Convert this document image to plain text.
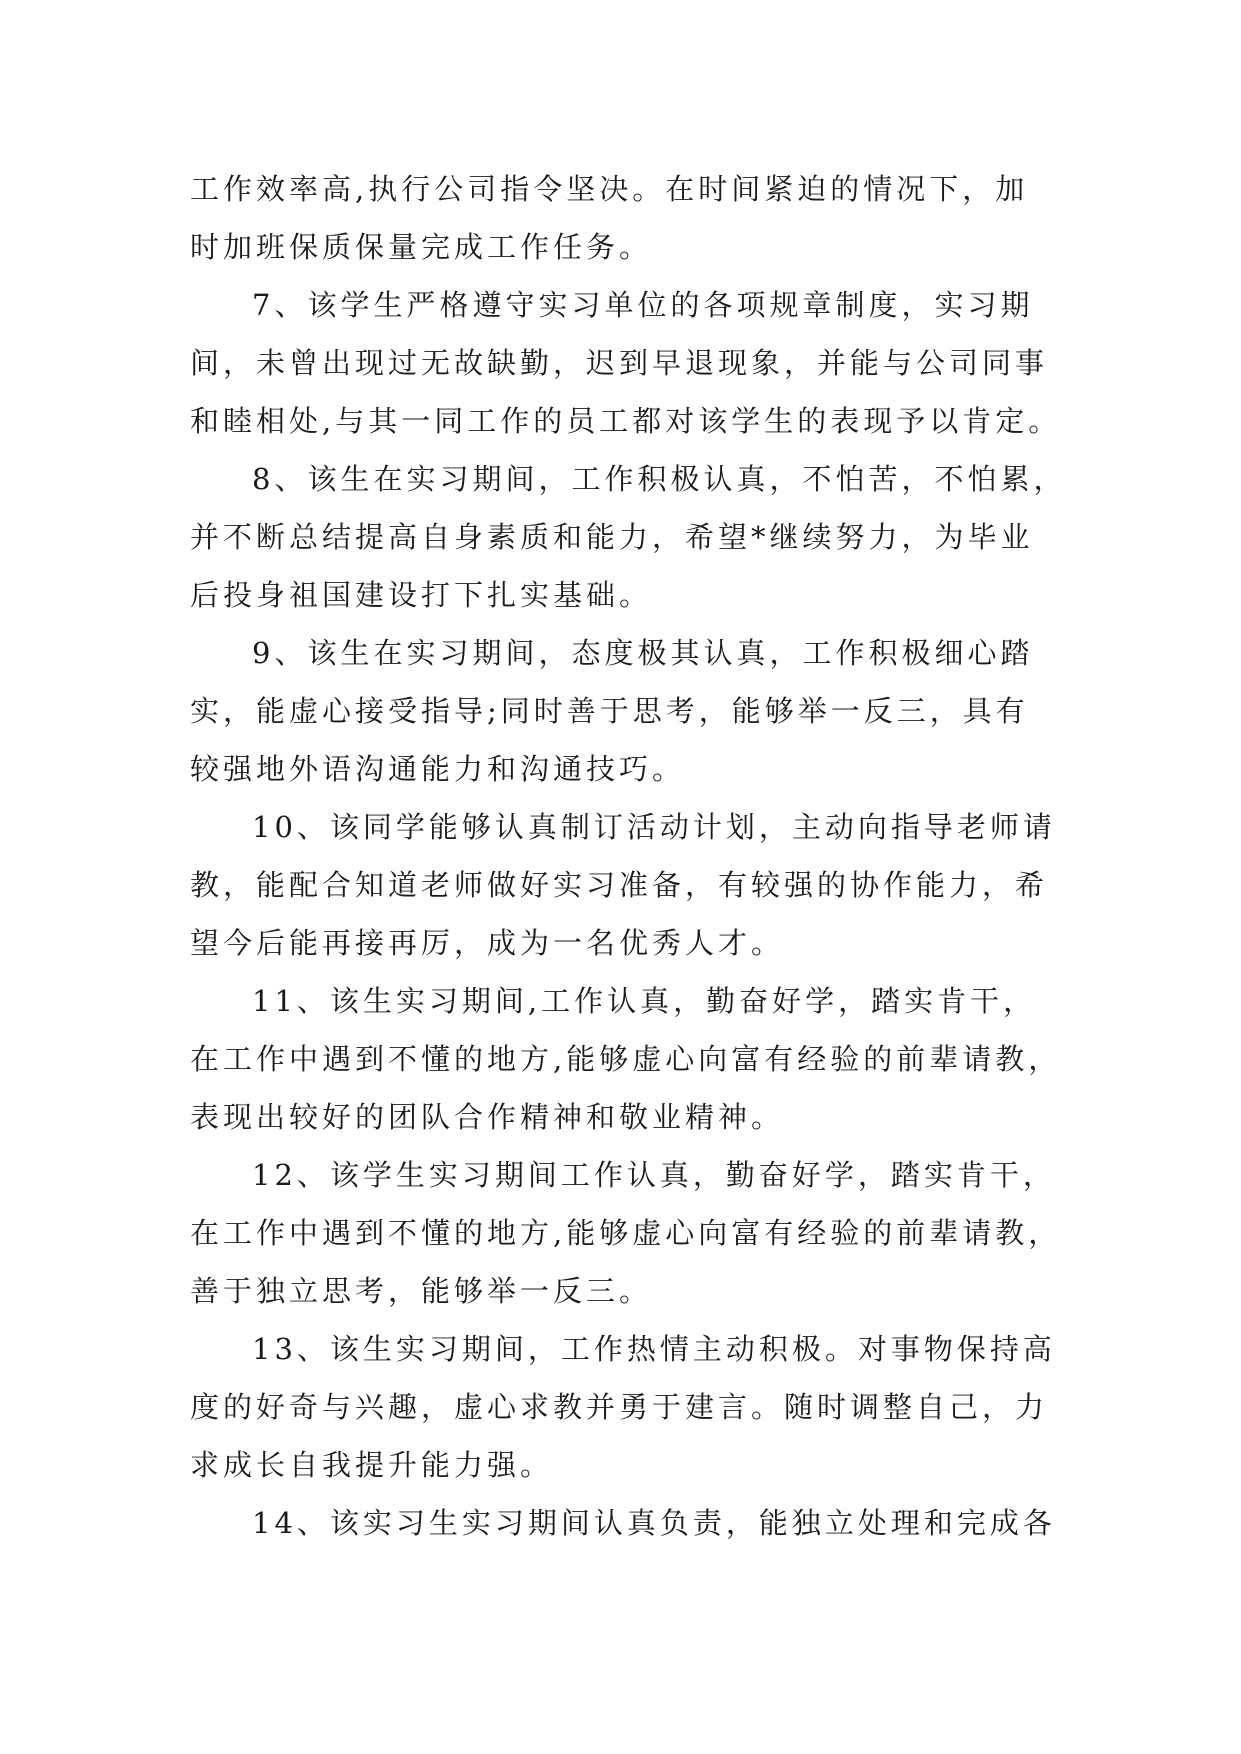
工作效率高,执行公司指令坚决。在时间紧迫的情况下，加
时加班保质保量完成工作任务。
7、该学生严格遵守实习单位的各项规章制度，实习期
间，未曾出现过无故缺勤，迟到早退现象，并能与公司同事
和睦相处,与其一同工作的员工都对该学生的表现予以肯定。
8、该生在实习期间，工作积极认真，不怕苦，不怕累，
并不断总结提高自身素质和能力，希望*继续努力，为毕业
后投身祖国建设打下扎实基础。
9、该生在实习期间，态度极其认真，工作积极细心踏
实，能虚心接受指导;同时善于思考，能够举一反三，具有
较强地外语沟通能力和沟通技巧。
10、该同学能够认真制订活动计划，主动向指导老师请
教，能配合知道老师做好实习准备，有较强的协作能力，希
望今后能再接再厉，成为一名优秀人才。
11、该生实习期间,工作认真，勤奋好学，踏实肯干，
在工作中遇到不懂的地方,能够虚心向富有经验的前辈请教，
表现出较好的团队合作精神和敬业精神。
12、该学生实习期间工作认真，勤奋好学，踏实肯干，
在工作中遇到不懂的地方,能够虚心向富有经验的前辈请教，
善于独立思考，能够举一反三。
13、该生实习期间，工作热情主动积极。对事物保持高
度的好奇与兴趣，虚心求教并勇于建言。随时调整自己，力
求成长自我提升能力强。
14、该实习生实习期间认真负责，能独立处理和完成各
